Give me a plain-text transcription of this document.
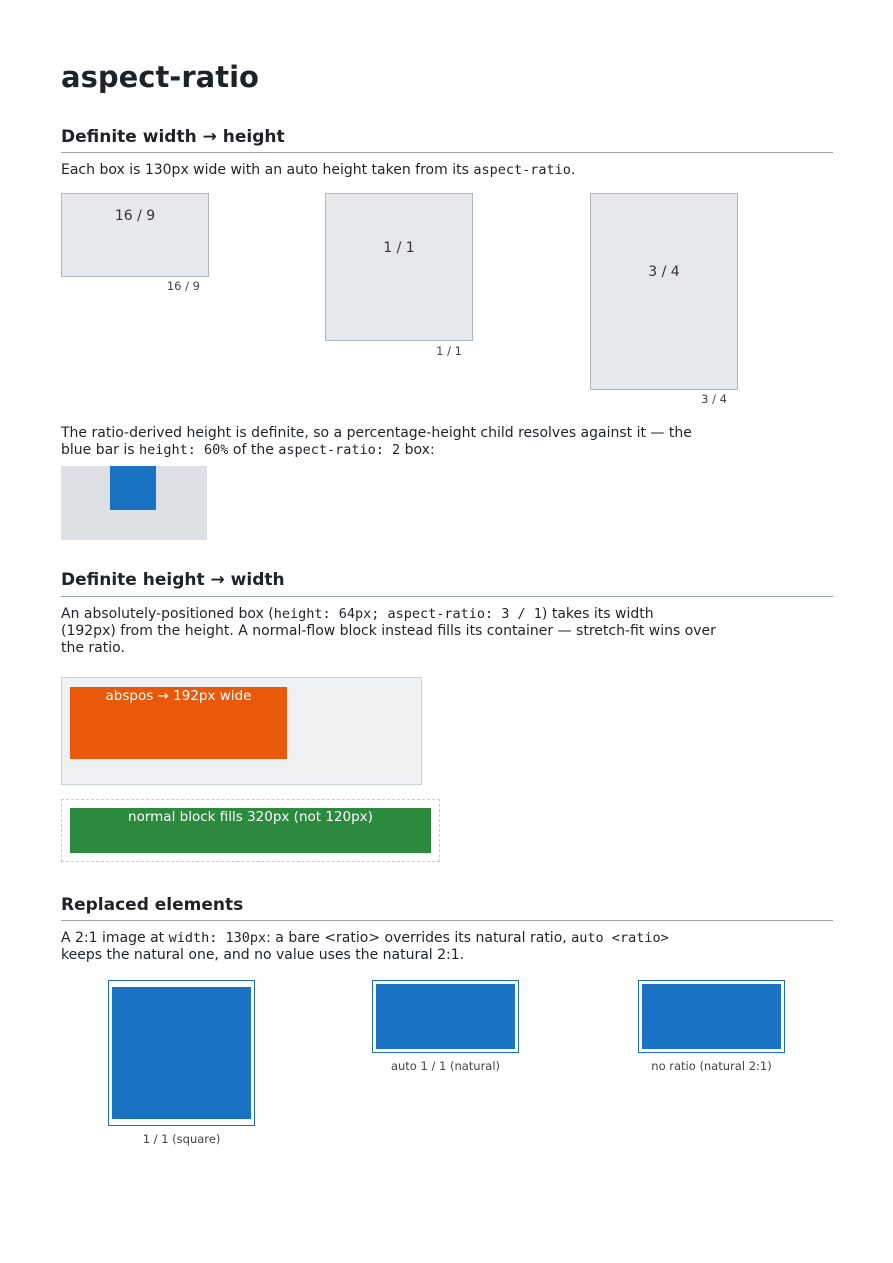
aspect-ratio
Definite width → height
Each box is 130px wide with an auto height taken from its aspect-ratio.
16 / 9
16 / 9
1 / 1
1 / 1
3 / 4
3 / 4
The ratio-derived height is definite, so a percentage-height child resolves against it — the
blue bar is height: 60% of the aspect-ratio: 2 box:
Definite height → width
An absolutely-positioned box (height: 64px; aspect-ratio: 3 / 1) takes its width
(192px) from the height. A normal-flow block instead fills its container — stretch-fit wins over
the ratio.
abspos → 192px wide
normal block fills 320px (not 120px)
Replaced elements
A 2:1 image at width: 130px: a bare <ratio> overrides its natural ratio, auto <ratio>
keeps the natural one, and no value uses the natural 2:1.
1 / 1 (square)
auto 1 / 1 (natural)	no ratio (natural 2:1)
